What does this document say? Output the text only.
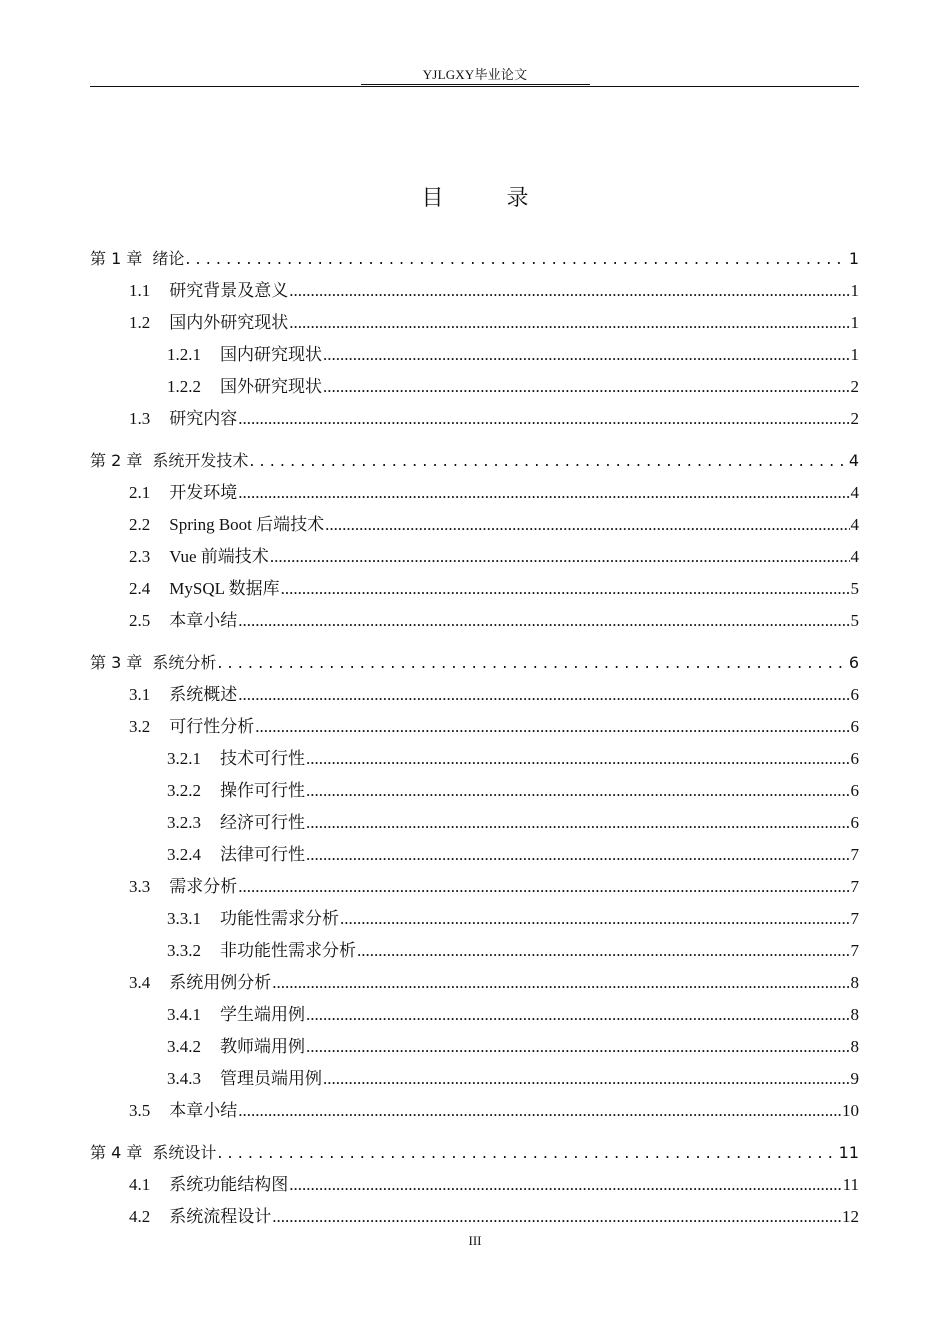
YJLGXY毕业论文
目 录
第 1 章 绪论 . . .	1
1.1 研究背景及意义 .....	1
1.2 国内外研究现状 .....	1
1.2.1 国内研究现状 .....	1
1.2.2 国外研究现状 .....	2
1.3 研究内容 .....	2
第 2 章 系统开发技术 . . .	4
2.1 开发环境 .....	4
2.2 Spring Boot 后端技术 .....	4
2.3 Vue 前端技术 .....	4
2.4 MySQL 数据库 .....	5
2.5 本章小结 .....	5
第 3 章 系统分析 . . .	6
3.1 系统概述 .....	6
3.2 可行性分析 .....	6
3.2.1 技术可行性 .....	6
3.2.2 操作可行性 .....	6
3.2.3 经济可行性 .....	6
3.2.4 法律可行性 .....	7
3.3 需求分析 .....	7
3.3.1 功能性需求分析 .....	7
3.3.2 非功能性需求分析 .....	7
3.4 系统用例分析 .....	8
3.4.1 学生端用例 .....	8
3.4.2 教师端用例 .....	8
3.4.3 管理员端用例 .....	9
3.5 本章小结 .....	10
第 4 章 系统设计 . . .	11
4.1 系统功能结构图 .....	11
4.2 系统流程设计 .....	12
III
